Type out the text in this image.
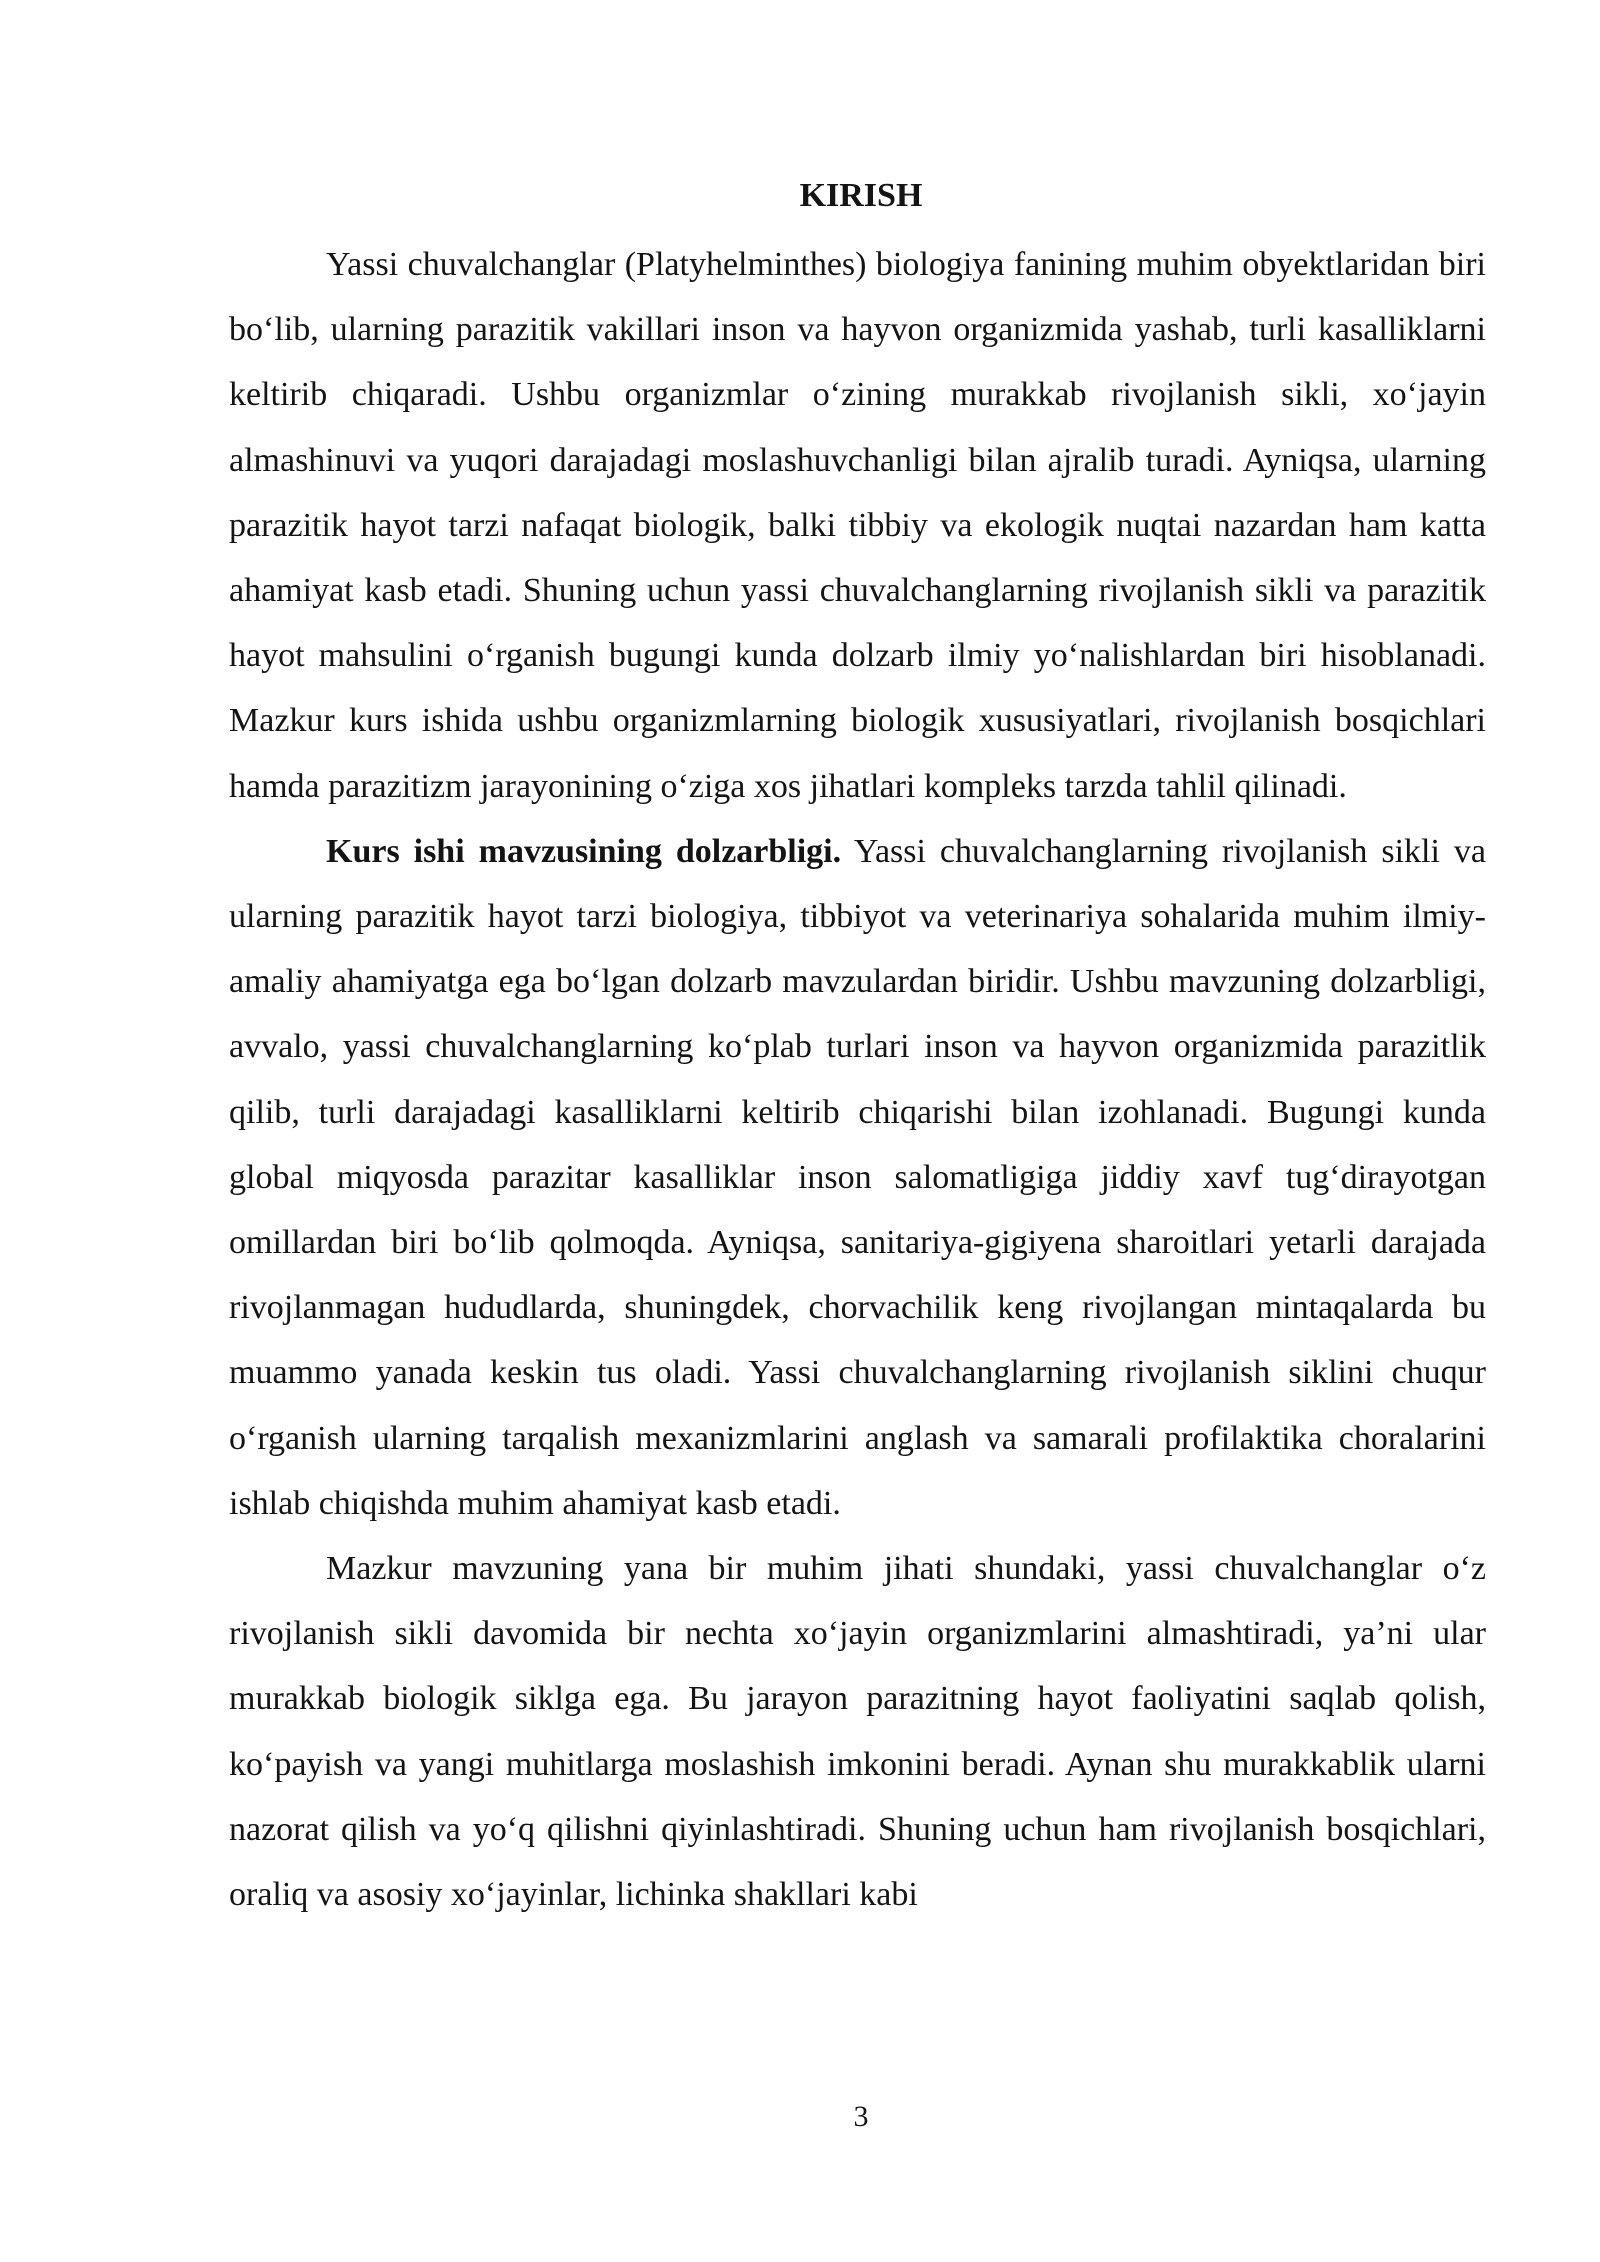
KIRISH

Yassi chuvalchanglar (Platyhelminthes) biologiya fanining muhim obyektlaridan biri bo‘lib, ularning parazitik vakillari inson va hayvon organizmida yashab, turli kasalliklarni keltirib chiqaradi. Ushbu organizmlar o‘zining murakkab rivojlanish sikli, xo‘jayin almashinuvi va yuqori darajadagi moslashuvchanligi bilan ajralib turadi. Ayniqsa, ularning parazitik hayot tarzi nafaqat biologik, balki tibbiy va ekologik nuqtai nazardan ham katta ahamiyat kasb etadi. Shuning uchun yassi chuvalchanglarning rivojlanish sikli va parazitik hayot mahsulini o‘rganish bugungi kunda dolzarb ilmiy yo‘nalishlardan biri hisoblanadi. Mazkur kurs ishida ushbu organizmlarning biologik xususiyatlari, rivojlanish bosqichlari hamda parazitizm jarayonining o‘ziga xos jihatlari kompleks tarzda tahlil qilinadi.

Kurs ishi mavzusining dolzarbligi. Yassi chuvalchanglarning rivojlanish sikli va ularning parazitik hayot tarzi biologiya, tibbiyot va veterinariya sohalarida muhim ilmiy-amaliy ahamiyatga ega bo‘lgan dolzarb mavzulardan biridir. Ushbu mavzuning dolzarbligi, avvalo, yassi chuvalchanglarning ko‘plab turlari inson va hayvon organizmida parazitlik qilib, turli darajadagi kasalliklarni keltirib chiqarishi bilan izohlanadi. Bugungi kunda global miqyosda parazitar kasalliklar inson salomatligiga jiddiy xavf tug‘dirayotgan omillardan biri bo‘lib qolmoqda. Ayniqsa, sanitariya-gigiyena sharoitlari yetarli darajada rivojlanmagan hududlarda, shuningdek, chorvachilik keng rivojlangan mintaqalarda bu muammo yanada keskin tus oladi. Yassi chuvalchanglarning rivojlanish siklini chuqur o‘rganish ularning tarqalish mexanizmlarini anglash va samarali profilaktika choralarini ishlab chiqishda muhim ahamiyat kasb etadi.

Mazkur mavzuning yana bir muhim jihati shundaki, yassi chuvalchanglar o‘z rivojlanish sikli davomida bir nechta xo‘jayin organizmlarini almashtiradi, ya’ni ular murakkab biologik siklga ega. Bu jarayon parazitning hayot faoliyatini saqlab qolish, ko‘payish va yangi muhitlarga moslashish imkonini beradi. Aynan shu murakkablik ularni nazorat qilish va yo‘q qilishni qiyinlashtiradi. Shuning uchun ham rivojlanish bosqichlari, oraliq va asosiy xo‘jayinlar, lichinka shakllari kabi

3
